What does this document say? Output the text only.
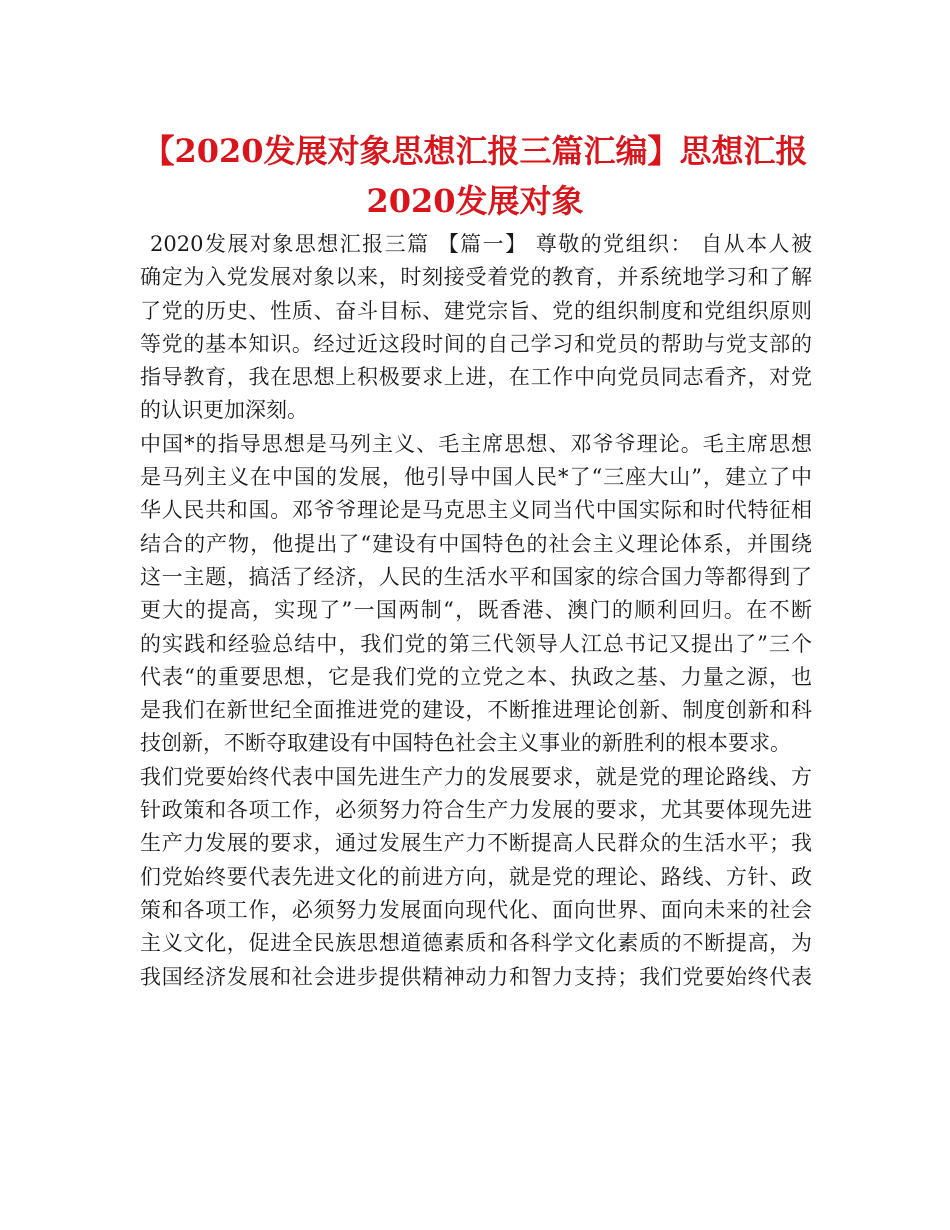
【2020发展对象思想汇报三篇汇编】思想汇报2020发展对象
2020发展对象思想汇报三篇 【篇一】 尊敬的党组织： 自从本人被
确定为入党发展对象以来，时刻接受着党的教育，并系统地学习和了解
了党的历史、性质、奋斗目标、建党宗旨、党的组织制度和党组织原则
等党的基本知识。经过近这段时间的自己学习和党员的帮助与党支部的
指导教育，我在思想上积极要求上进，在工作中向党员同志看齐，对党
的认识更加深刻。
中国*的指导思想是马列主义、毛主席思想、邓爷爷理论。毛主席思想
是马列主义在中国的发展，他引导中国人民*了“三座大山”，建立了中
华人民共和国。邓爷爷理论是马克思主义同当代中国实际和时代特征相
结合的产物，他提出了“建设有中国特色的社会主义理论体系，并围绕
这一主题，搞活了经济，人民的生活水平和国家的综合国力等都得到了
更大的提高，实现了”一国两制“，既香港、澳门的顺利回归。在不断
的实践和经验总结中，我们党的第三代领导人江总书记又提出了”三个
代表“的重要思想，它是我们党的立党之本、执政之基、力量之源，也
是我们在新世纪全面推进党的建设，不断推进理论创新、制度创新和科
技创新，不断夺取建设有中国特色社会主义事业的新胜利的根本要求。
我们党要始终代表中国先进生产力的发展要求，就是党的理论路线、方
针政策和各项工作，必须努力符合生产力发展的要求，尤其要体现先进
生产力发展的要求，通过发展生产力不断提高人民群众的生活水平；我
们党始终要代表先进文化的前进方向，就是党的理论、路线、方针、政
策和各项工作，必须努力发展面向现代化、面向世界、面向未来的社会
主义文化，促进全民族思想道德素质和各科学文化素质的不断提高，为
我国经济发展和社会进步提供精神动力和智力支持；我们党要始终代表
